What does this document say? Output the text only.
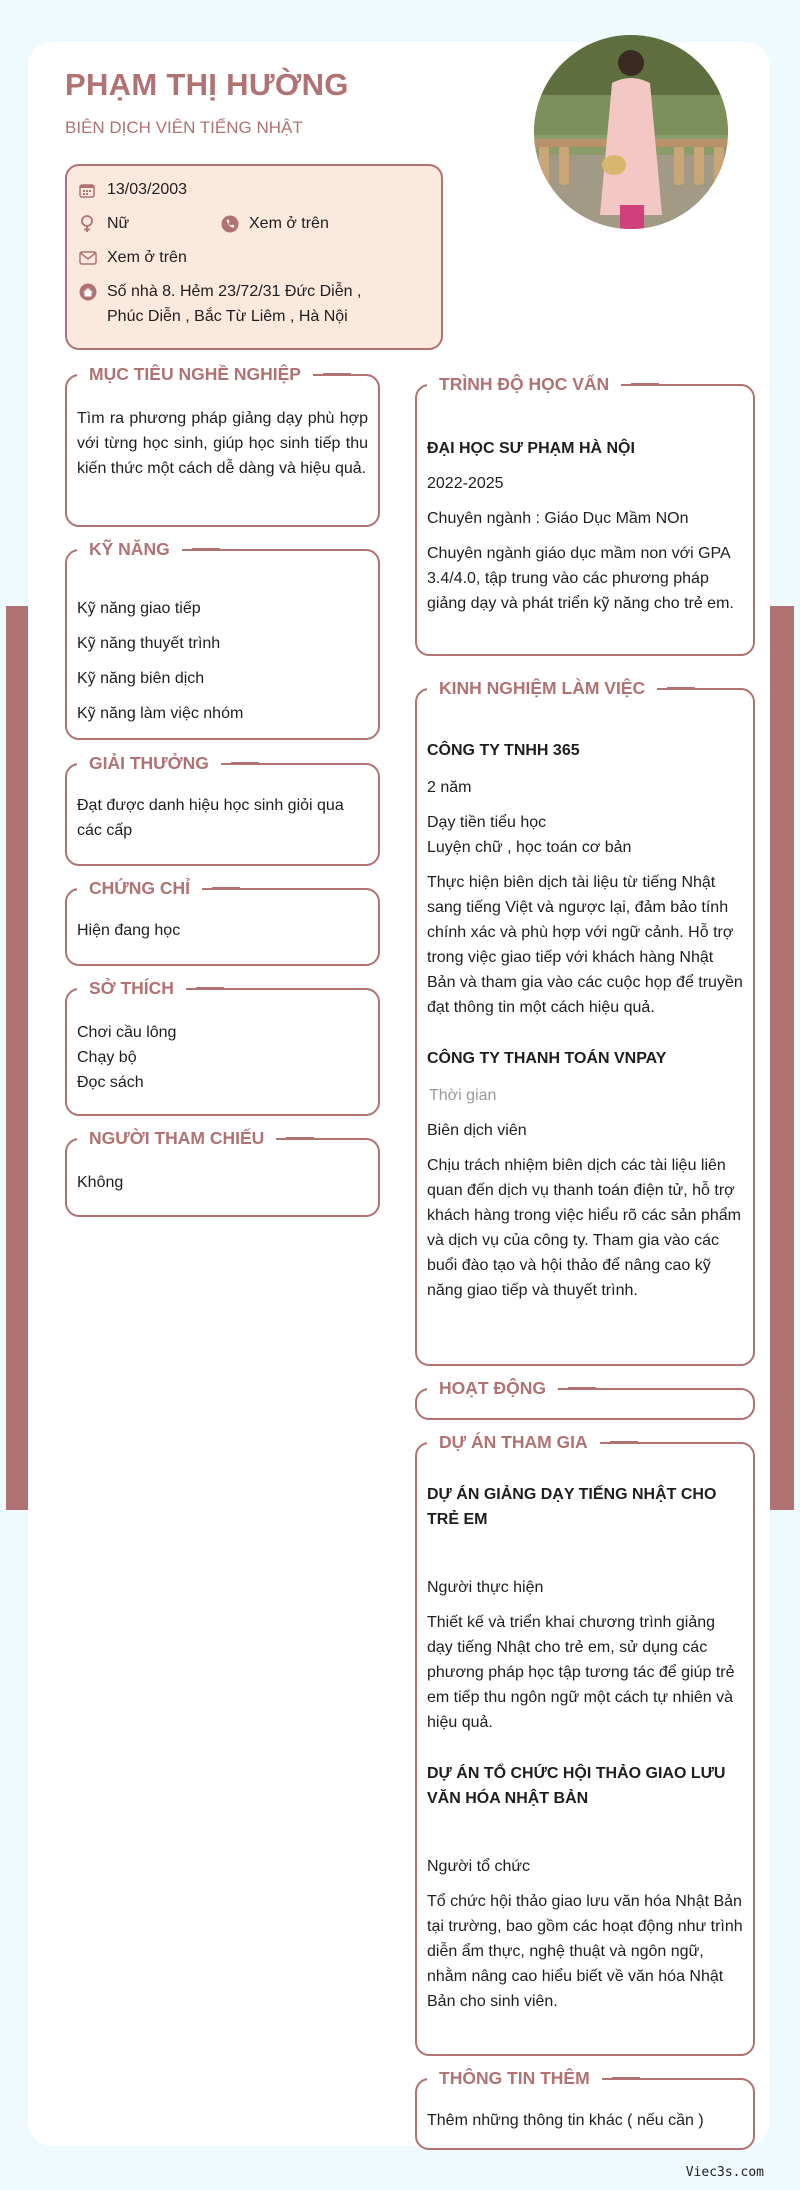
PHẠM THỊ HƯỜNG
BIÊN DỊCH VIÊN TIẾNG NHẬT
13/03/2003
Nữ	Xem ở trên
Xem ở trên
Số nhà 8. Hẻm 23/72/31 Đức Diễn ,
Phúc Diễn , Bắc Từ Liêm , Hà Nội
MỤC TIÊU NGHỀ NGHIỆP
Tìm ra phương pháp giảng dạy phù hợp với từng học sinh, giúp học sinh tiếp thu kiến thức một cách dễ dàng và hiệu quả.
KỸ NĂNG
Kỹ năng giao tiếp
Kỹ năng thuyết trình
Kỹ năng biên dịch
Kỹ năng làm việc nhóm
GIẢI THƯỞNG
Đạt được danh hiệu học sinh giỏi qua các cấp
CHỨNG CHỈ
Hiện đang học
SỞ THÍCH
Chơi cầu lông
Chạy bộ
Đọc sách
NGƯỜI THAM CHIẾU
Không
TRÌNH ĐỘ HỌC VẤN
ĐẠI HỌC SƯ PHẠM HÀ NỘI
2022-2025
Chuyên ngành : Giáo Dục Mầm NOn
Chuyên ngành giáo dục mầm non với GPA 3.4/4.0, tập trung vào các phương pháp giảng dạy và phát triển kỹ năng cho trẻ em.
KINH NGHIỆM LÀM VIỆC
CÔNG TY TNHH 365
2 năm
Dạy tiền tiểu học
Luyện chữ , học toán cơ bản
Thực hiện biên dịch tài liệu từ tiếng Nhật sang tiếng Việt và ngược lại, đảm bảo tính chính xác và phù hợp với ngữ cảnh. Hỗ trợ trong việc giao tiếp với khách hàng Nhật Bản và tham gia vào các cuộc họp để truyền đạt thông tin một cách hiệu quả.
CÔNG TY THANH TOÁN VNPAY
Thời gian
Biên dịch viên
Chịu trách nhiệm biên dịch các tài liệu liên quan đến dịch vụ thanh toán điện tử, hỗ trợ khách hàng trong việc hiểu rõ các sản phẩm và dịch vụ của công ty. Tham gia vào các buổi đào tạo và hội thảo để nâng cao kỹ năng giao tiếp và thuyết trình.
HOẠT ĐỘNG
DỰ ÁN THAM GIA
DỰ ÁN GIẢNG DẠY TIẾNG NHẬT CHO TRẺ EM
Người thực hiện
Thiết kế và triển khai chương trình giảng dạy tiếng Nhật cho trẻ em, sử dụng các phương pháp học tập tương tác để giúp trẻ em tiếp thu ngôn ngữ một cách tự nhiên và hiệu quả.
DỰ ÁN TỔ CHỨC HỘI THẢO GIAO LƯU VĂN HÓA NHẬT BẢN
Người tổ chức
Tổ chức hội thảo giao lưu văn hóa Nhật Bản tại trường, bao gồm các hoạt động như trình diễn ẩm thực, nghệ thuật và ngôn ngữ, nhằm nâng cao hiểu biết về văn hóa Nhật Bản cho sinh viên.
THÔNG TIN THÊM
Thêm những thông tin khác ( nếu cần )
Viec3s.com
